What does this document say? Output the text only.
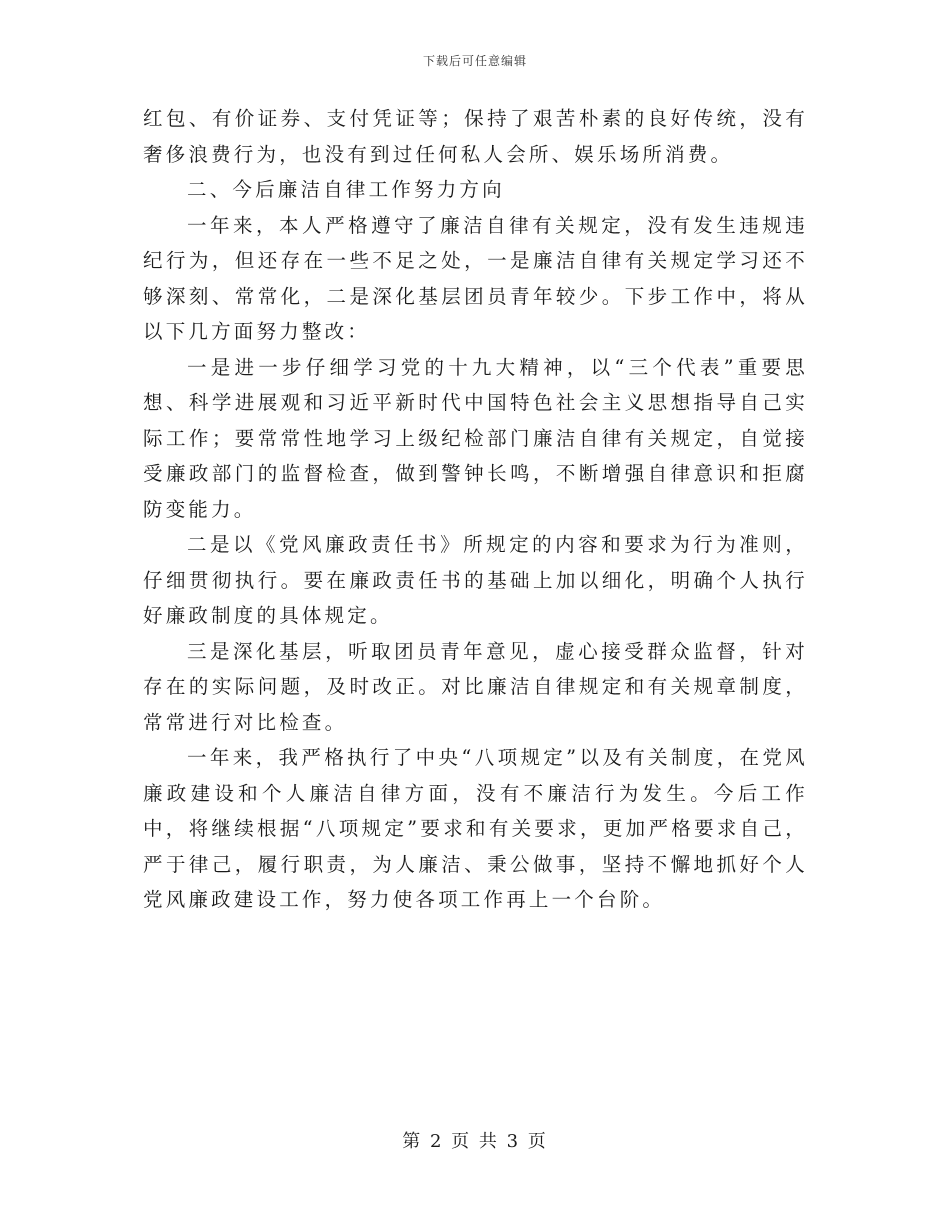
下载后可任意编辑

红包、有价证券、支付凭证等；保持了艰苦朴素的良好传统，没有奢侈浪费行为，也没有到过任何私人会所、娱乐场所消费。

二、今后廉洁自律工作努力方向

一年来，本人严格遵守了廉洁自律有关规定，没有发生违规违纪行为，但还存在一些不足之处，一是廉洁自律有关规定学习还不够深刻、常常化，二是深化基层团员青年较少。下步工作中，将从以下几方面努力整改：

一是进一步仔细学习党的十九大精神，以“三个代表”重要思想、科学进展观和习近平新时代中国特色社会主义思想指导自己实际工作；要常常性地学习上级纪检部门廉洁自律有关规定，自觉接受廉政部门的监督检查，做到警钟长鸣，不断增强自律意识和拒腐防变能力。

二是以《党风廉政责任书》所规定的内容和要求为行为准则，仔细贯彻执行。要在廉政责任书的基础上加以细化，明确个人执行好廉政制度的具体规定。

三是深化基层，听取团员青年意见，虚心接受群众监督，针对存在的实际问题，及时改正。对比廉洁自律规定和有关规章制度，常常进行对比检查。

一年来，我严格执行了中央“八项规定”以及有关制度，在党风廉政建设和个人廉洁自律方面，没有不廉洁行为发生。今后工作中，将继续根据“八项规定”要求和有关要求，更加严格要求自己，严于律己，履行职责，为人廉洁、秉公做事，坚持不懈地抓好个人党风廉政建设工作，努力使各项工作再上一个台阶。

第 2 页 共 3 页
